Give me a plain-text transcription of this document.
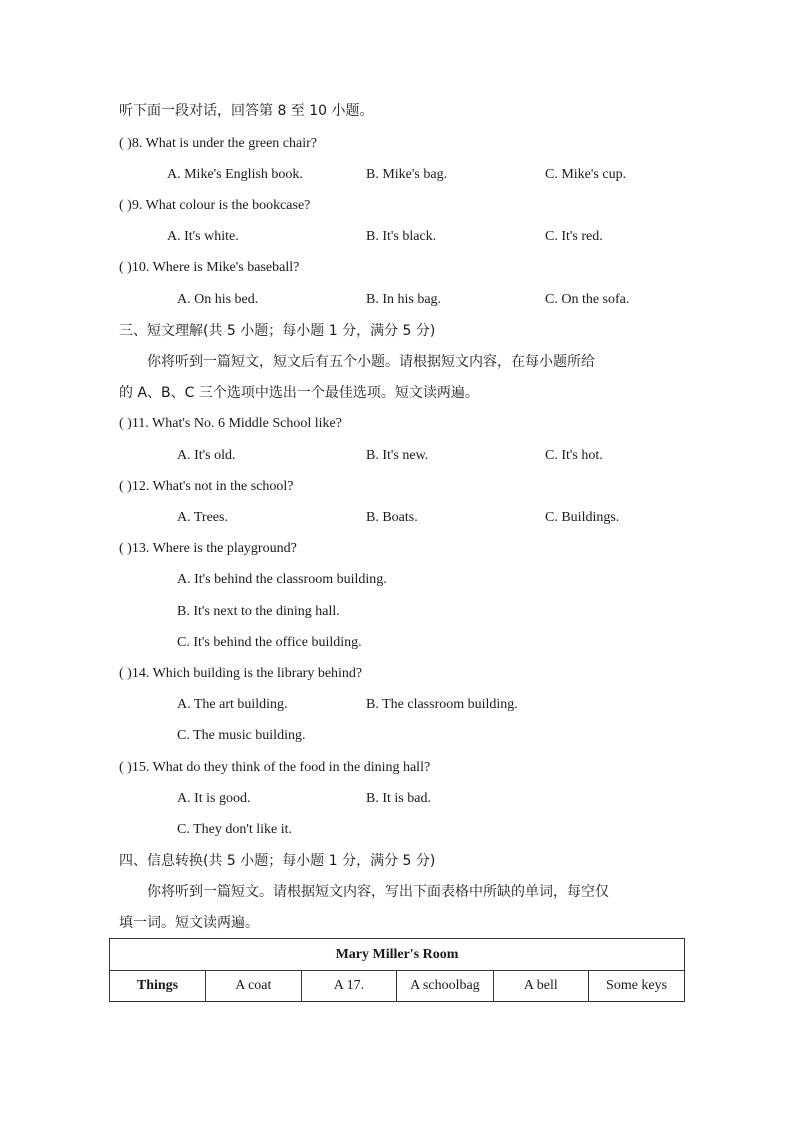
听下面一段对话，回答第 8 至 10 小题。
( )8. What is under the green chair?
A. Mike's English book.	B. Mike's bag.	C. Mike's cup.
( )9. What colour is the bookcase?
A. It's white.	B. It's black.	C. It's red.
( )10. Where is Mike's baseball?
A. On his bed.	B. In his bag.	C. On the sofa.
三、短文理解(共 5 小题；每小题 1 分，满分 5 分)
你将听到一篇短文，短文后有五个小题。请根据短文内容，在每小题所给
的 A、B、C 三个选项中选出一个最佳选项。短文读两遍。
( )11. What's No. 6 Middle School like?
A. It's old.	B. It's new.	C. It's hot.
( )12. What's not in the school?
A. Trees.	B. Boats.	C. Buildings.
( )13. Where is the playground?
A. It's behind the classroom building.
B. It's next to the dining hall.
C. It's behind the office building.
( )14. Which building is the library behind?
A. The art building.	B. The classroom building.
C. The music building.
( )15. What do they think of the food in the dining hall?
A. It is good.	B. It is bad.
C. They don't like it.
四、信息转换(共 5 小题；每小题 1 分，满分 5 分)
你将听到一篇短文。请根据短文内容，写出下面表格中所缺的单词，每空仅
填一词。短文读两遍。
Mary Miller's Room
Things	A coat	A 17.	A schoolbag	A bell	Some keys
